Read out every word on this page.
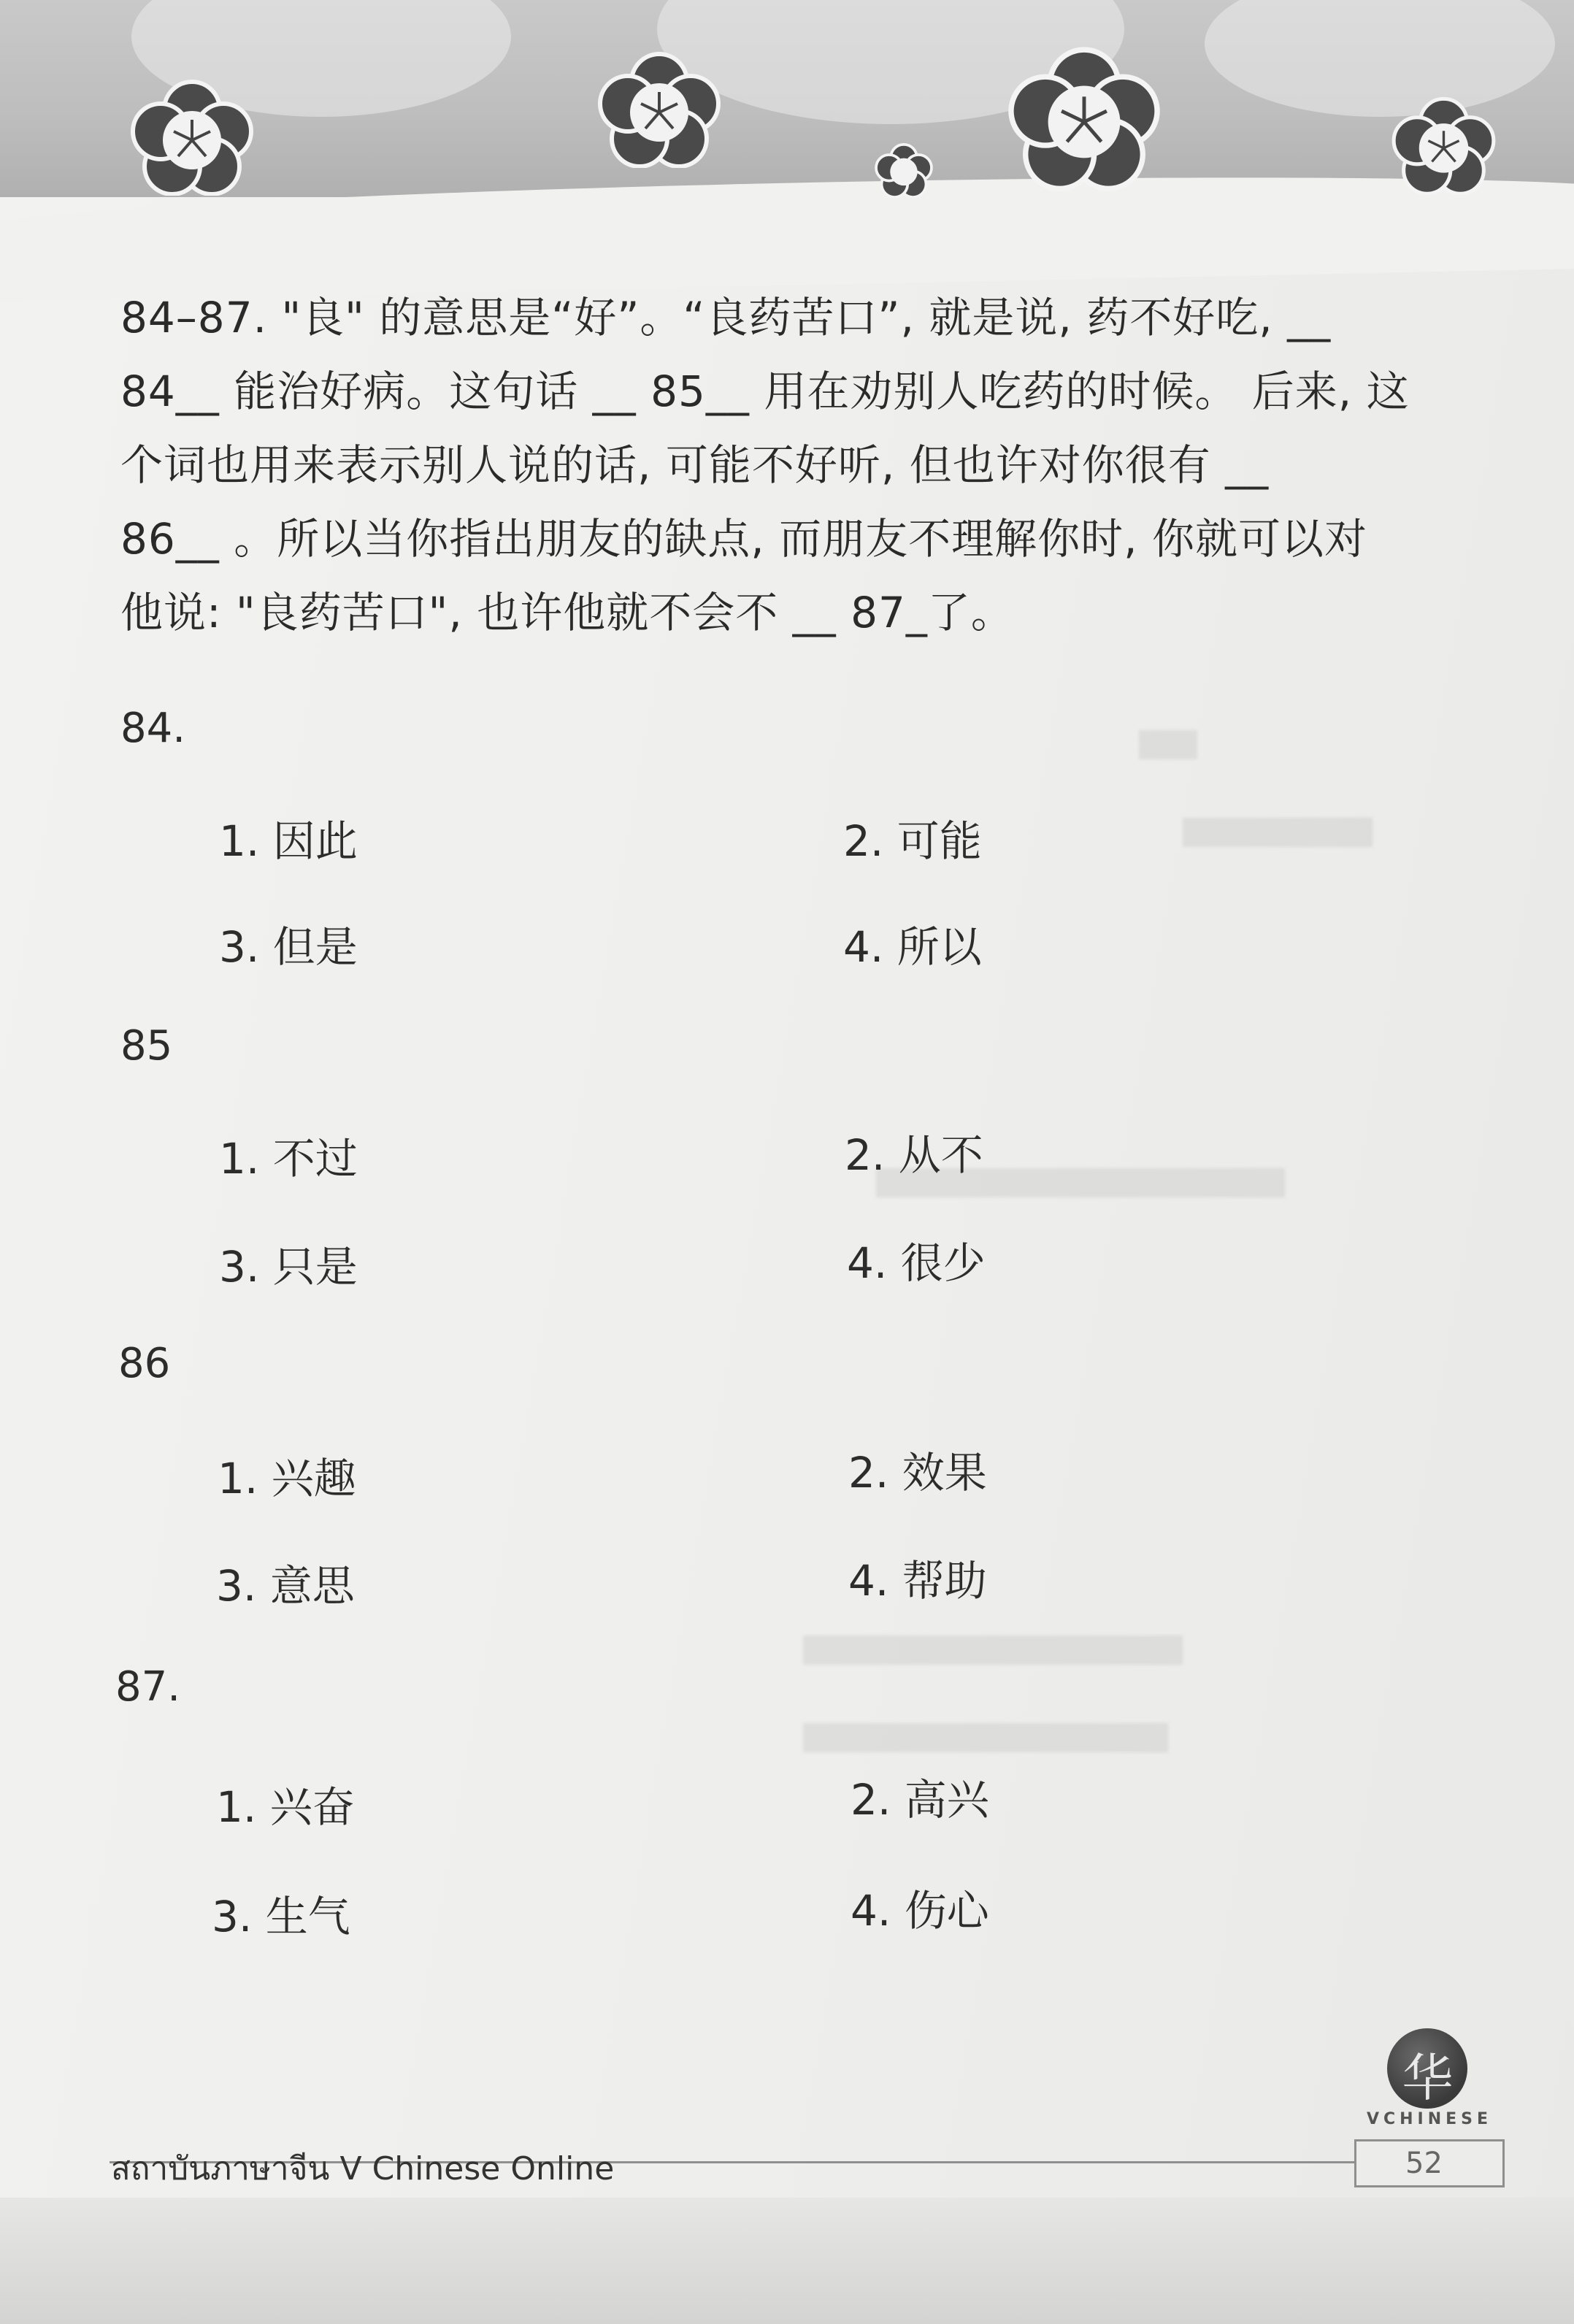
84–87. "良" 的意思是“好”。“良药苦口”, 就是说, 药不好吃, __
84__ 能治好病。这句话 __ 85__ 用在劝别人吃药的时候。 后来, 这
个词也用来表示别人说的话, 可能不好听, 但也许对你很有 __
86__ 。所以当你指出朋友的缺点, 而朋友不理解你时, 你就可以对
他说: "良药苦口", 也许他就不会不 __ 87_了。
84.
1. 因此	2. 可能
3. 但是	4. 所以
85
1. 不过	2. 从不
3. 只是	4. 很少
86
1. 兴趣	2. 效果
3. 意思	4. 帮助
87.
1. 兴奋	2. 高兴
3. 生气	4. 伤心
华
VCHINESE
สถาบันภาษาจีน V Chinese Online	52
